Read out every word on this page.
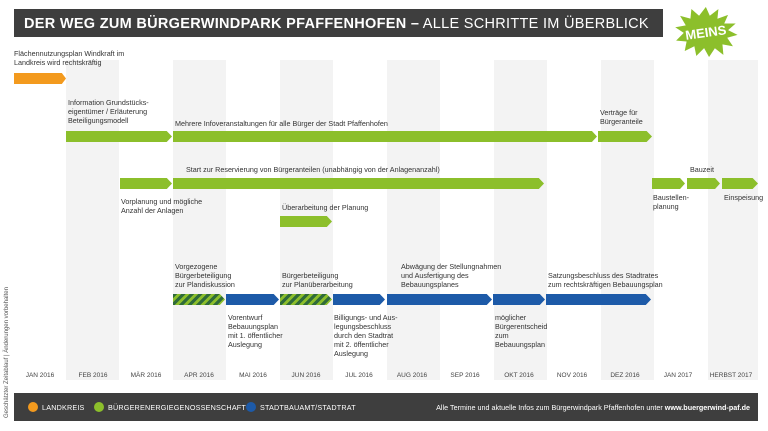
DER WEG ZUM BÜRGERWINDPARK PFAFFENHOFEN – ALLE SCHRITTE IM ÜBERBLICK	MEINS
Flächennutzungsplan Windkraft im
Landkreis wird rechtskräftig
Information Grundstücks-
eigentümer / Erläuterung
Beteiligungsmodell	Mehrere Infoveranstaltungen für alle Bürger der Stadt Pfaffenhofen
Verträge für
Bürgeranteile
Start zur Reservierung von Bürgeranteilen (unabhängig von der Anlagenanzahl)	Bauzeit
Vorplanung und mögliche
Anzahl der Anlagen
Baustellen-
planung
Einspeisung
Überarbeitung der Planung
Vorgezogene
Bürgerbeteiligung
zur Plandiskussion
Bürgerbeteiligung
zur Planüberarbeitung
Abwägung der Stellungnahmen
und Ausfertigung des
Bebauungsplanes
Satzungsbeschluss des Stadtrates
zum rechtskräftigen Bebauungsplan
Vorentwurf
Bebauungsplan
mit 1. öffentlicher
Auslegung
Billigungs- und Aus-
legungsbeschluss
durch den Stadtrat
mit 2. öffentlicher
Auslegung
möglicher
Bürgerentscheid
zum
Bebauungsplan
JAN 2016	FEB 2016	MÄR 2016	APR 2016	MAI 2016	JUN 2016	JUL 2016	AUG 2016	SEP 2016	OKT 2016	NOV 2016	DEZ 2016	JAN 2017	HERBST 2017
Geschätzter Zeitablauf | Änderungen vorbehalten	LANDKREIS	BÜRGERENERGIEGENOSSENSCHAFT STADTBAUAMT/STADTRAT	Alle Termine und aktuelle Infos zum Bürgerwindpark Pfaffenhofen unter www.buergerwind-paf.de
